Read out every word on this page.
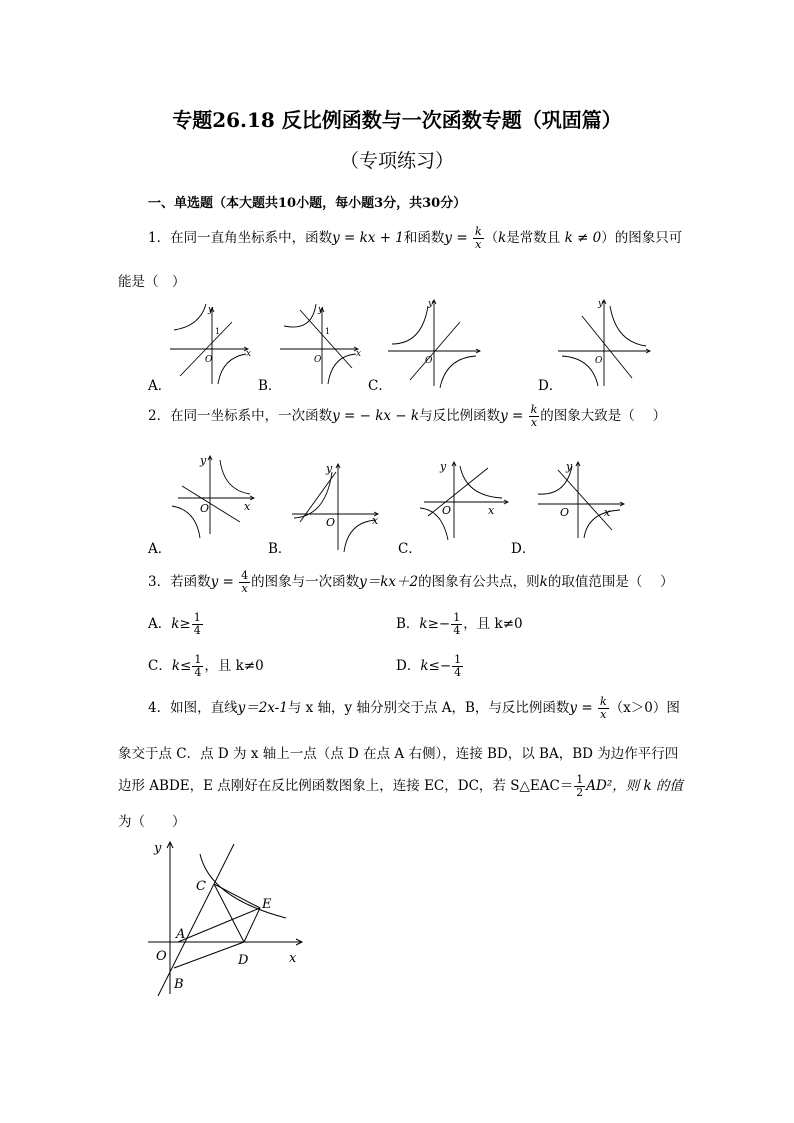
专题26.18 反比例函数与一次函数专题（巩固篇）
（专项练习）
一、单选题（本大题共10小题，每小题3分，共30分）
1．在同一直角坐标系中，函数y = kx + 1和函数$y = \frac{k}{x} (k$是常数且 k ≠ 0）的图象只可
能是（　）
y
O
x
y
O
x
y
O
y
O
1	1
A．	B．	C．	D．
2．在同一坐标系中，一次函数y = − kx − k与反比例函数$y = \frac{k}{x}$ 的图象大致是（　 ）
y
O	x
y
O	x
y
O	x
y
O	x
A．	B．	C．	D．
3．若函数$y = \frac{4}{x}$ 的图象与一次函数y＝kx＋2的图象有公共点，则k的取值范围是（　 ）
A．$k\ge \frac{1}{4}$	B．$k\ge- \frac{1}{4}$ ，且 k≠0
C．$k\le \frac{1}{4}$ ，且 k≠0	D．$k\le- \frac{1}{4}$
4．如图，直线y＝2x-1与 x 轴，y 轴分别交于点 A，B，与反比例函数$y = \frac{k}{x} (x>0)$图
象交于点 C．点 D 为 x 轴上一点（点 D 在点 A 右侧），连接 BD，以 BA，BD 为边作平行四
边形 ABDE，E 点刚好在反比例函数图象上，连接 EC，DC，若 S△EAC＝ $\frac{1}{2} AD^2$，则 k 的值
为（　　）
y
x
O
A
B
C
D
E
